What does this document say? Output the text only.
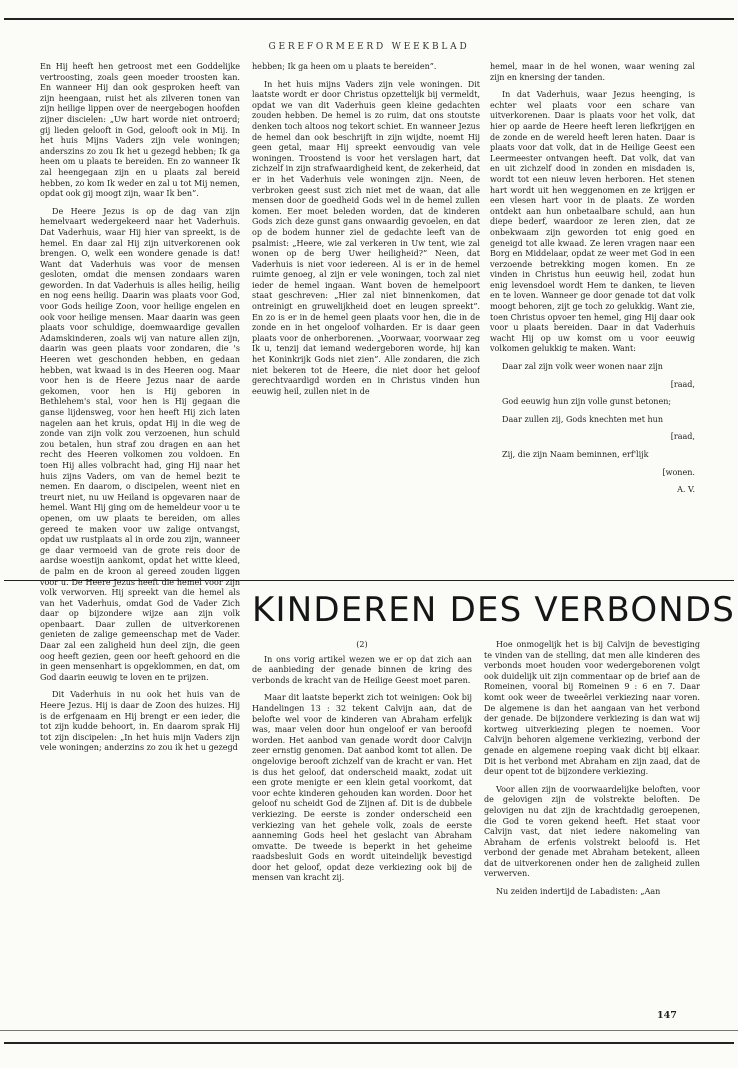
GEREFORMEERD WEEKBLAD

En Hij heeft hen getroost met een Goddelijke vertroosting, zoals geen moeder troosten kan. En wanneer Hij dan ook gesproken heeft van zijn heengaan, ruist het als zilveren tonen van zijn heilige lippen over de neergebogen hoofden zijner discielen: „Uw hart worde niet ontroerd; gij lieden gelooft in God, gelooft ook in Mij. In het huis Mijns Vaders zijn vele woningen; anderszins zo zou Ik het u gezegd hebben; Ik ga heen om u plaats te bereiden. En zo wanneer Ik zal heengegaan zijn en u plaats zal bereid hebben, zo kom Ik weder en zal u tot Mij nemen, opdat ook gij moogt zijn, waar Ik ben”.

De Heere Jezus is op de dag van zijn hemelvaart wedergekeerd naar het Vaderhuis. Dat Vaderhuis, waar Hij hier van spreekt, is de hemel. En daar zal Hij zijn uitverkorenen ook brengen. O, welk een wondere genade is dat! Want dat Vaderhuis was voor de mensen gesloten, omdat die mensen zondaars waren geworden. In dat Vaderhuis is alles heilig, heilig en nog eens heilig. Daarin was plaats voor God, voor Gods heilige Zoon, voor heilige engelen en ook voor heilige mensen. Maar daarin was geen plaats voor schuldige, doemwaardige gevallen Adamskinderen, zoals wij van nature allen zijn, daarin was geen plaats voor zondaren, die 's Heeren wet geschonden hebben, en gedaan hebben, wat kwaad is in des Heeren oog. Maar voor hen is de Heere Jezus naar de aarde gekomen, voor hen is Hij geboren in Bethlehem's stal, voor hen is Hij gegaan die ganse lijdensweg, voor hen heeft Hij zich laten nagelen aan het kruis, opdat Hij in die weg de zonde van zijn volk zou verzoenen, hun schuld zou betalen, hun straf zou dragen en aan het recht des Heeren volkomen zou voldoen. En toen Hij alles volbracht had, ging Hij naar het huis zijns Vaders, om van de hemel bezit te nemen. En daarom, o discipelen, weent niet en treurt niet, nu uw Heiland is opgevaren naar de hemel. Want Hij ging om de hemeldeur voor u te openen, om uw plaats te bereiden, om alles gereed te maken voor uw zalige ontvangst, opdat uw rustplaats al in orde zou zijn, wanneer ge daar vermoeid van de grote reis door de aardse woestijn aankomt, opdat het witte kleed, de palm en de kroon al gereed zouden liggen voor u. De Heere Jezus heeft die hemel voor zijn volk verworven. Hij spreekt van die hemel als van het Vaderhuis, omdat God de Vader Zich daar op bijzondere wijze aan zijn volk openbaart. Daar zullen de uitverkorenen genieten de zalige gemeenschap met de Vader. Daar zal een zaligheid hun deel zijn, die geen oog heeft gezien, geen oor heeft gehoord en die in geen mensenhart is opgeklommen, en dat, om God daarin eeuwig te loven en te prijzen.

Dit Vaderhuis in nu ook het huis van de Heere Jezus. Hij is daar de Zoon des huizes. Hij is de erfgenaam en Hij brengt er een ieder, die tot zijn kudde behoort, in. En daarom sprak Hij tot zijn discipelen: „In het huis mijn Vaders zijn vele woningen; anderzins zo zou ik het u gezegd

hebben; Ik ga heen om u plaats te bereiden”.

In het huis mijns Vaders zijn vele woningen. Dit laatste wordt er door Christus opzettelijk bij vermeldt, opdat we van dit Vaderhuis geen kleine gedachten zouden hebben. De hemel is zo ruim, dat ons stoutste denken toch altoos nog tekort schiet. En wanneer Jezus de hemel dan ook beschrijft in zijn wijdte, noemt Hij geen getal, maar Hij spreekt eenvoudig van vele woningen. Troostend is voor het verslagen hart, dat zichzelf in zijn strafwaardigheid kent, de zekerheid, dat er in het Vaderhuis vele woningen zijn. Neen, de verbroken geest sust zich niet met de waan, dat alle mensen door de goedheid Gods wel in de hemel zullen komen. Eer moet beleden worden, dat de kinderen Gods zich deze gunst gans onwaardig gevoelen, en dat op de bodem hunner ziel de gedachte leeft van de psalmist: „Heere, wie zal verkeren in Uw tent, wie zal wonen op de berg Uwer heiligheid?” Neen, dat Vaderhuis is niet voor iedereen. Al is er in de hemel ruimte genoeg, al zijn er vele woningen, toch zal niet ieder de hemel ingaan. Want boven de hemelpoort staat geschreven: „Hier zal niet binnenkomen, dat ontreinigt en gruwelijkheid doet en leugen spreekt”. En zo is er in de hemel geen plaats voor hen, die in de zonde en in het ongeloof volharden. Er is daar geen plaats voor de onherborenen. „Voorwaar, voorwaar zeg Ik u, tenzij dat iemand wedergeboren worde, hij kan het Koninkrijk Gods niet zien”. Alle zondaren, die zich niet bekeren tot de Heere, die niet door het geloof gerechtvaardigd worden en in Christus vinden hun eeuwig heil, zullen niet in de

hemel, maar in de hel wonen, waar wening zal zijn en knersing der tanden.

In dat Vaderhuis, waar Jezus heenging, is echter wel plaats voor een schare van uitverkorenen. Daar is plaats voor het volk, dat hier op aarde de Heere heeft leren liefkrijgen en de zonde en de wereld heeft leren haten. Daar is plaats voor dat volk, dat in de Heilige Geest een Leermeester ontvangen heeft. Dat volk, dat van en uit zichzelf dood in zonden en misdaden is, wordt tot een nieuw leven herboren. Het stenen hart wordt uit hen weggenomen en ze krijgen er een vlesen hart voor in de plaats. Ze worden ontdekt aan hun onbetaalbare schuld, aan hun diepe bederf, waardoor ze leren zien, dat ze onbekwaam zijn geworden tot enig goed en geneigd tot alle kwaad. Ze leren vragen naar een Borg en Middelaar, opdat ze weer met God in een verzoende betrekking mogen komen. En ze vinden in Christus hun eeuwig heil, zodat hun enig levensdoel wordt Hem te danken, te lieven en te loven. Wanneer ge door genade tot dat volk moogt behoren, zijt ge toch zo gelukkig. Want zie, toen Christus opvoer ten hemel, ging Hij daar ook voor u plaats bereiden. Daar in dat Vaderhuis wacht Hij op uw komst om u voor eeuwig volkomen gelukkig te maken. Want:

Daar zal zijn volk weer wonen naar zijn

[raad,

God eeuwig hun zijn volle gunst betonen;

Daar zullen zij, Gods knechten met hun

[raad,

Zij, die zijn Naam beminnen, erf'lijk

[wonen.

A. V.

KINDEREN DES VERBONDS

(2)

In ons vorig artikel wezen we er op dat zich aan de aanbieding der genade binnen de kring des verbonds de kracht van de Heilige Geest moet paren.

Maar dit laatste beperkt zich tot weinigen: Ook bij Handelingen 13 : 32 tekent Calvijn aan, dat de belofte wel voor de kinderen van Abraham erfelijk was, maar velen door hun ongeloof er van beroofd worden. Het aanbod van genade wordt door Calvijn zeer ernstig genomen. Dat aanbod komt tot allen. De ongelovige berooft zichzelf van de kracht er van. Het is dus het geloof, dat onderscheid maakt, zodat uit een grote menigte er een klein getal voorkomt, dat voor echte kinderen gehouden kan worden. Door het geloof nu scheidt God de Zijnen af. Dit is de dubbele verkiezing. De eerste is zonder onderscheid een verkiezing van het gehele volk, zoals de eerste aanneming Gods heel het geslacht van Abraham omvatte. De tweede is beperkt in het geheime raadsbesluit Gods en wordt uiteindelijk bevestigd door het geloof, opdat deze verkiezing ook bij de mensen van kracht zij.

Hoe onmogelijk het is bij Calvijn de bevestiging te vinden van de stelling, dat men alle kinderen des verbonds moet houden voor wedergeborenen volgt ook duidelijk uit zijn commentaar op de brief aan de Romeinen, vooral bij Romeinen 9 : 6 en 7. Daar komt ook weer de tweeërlei verkiezing naar voren. De algemene is dan het aangaan van het verbond der genade. De bijzondere verkiezing is dan wat wij kortweg uitverkiezing plegen te noemen. Voor Calvijn behoren algemene verkiezing, verbond der genade en algemene roeping vaak dicht bij elkaar. Dit is het verbond met Abraham en zijn zaad, dat de deur opent tot de bijzondere verkiezing.

Voor allen zijn de voorwaardelijke beloften, voor de gelovigen zijn de volstrekte beloften. De gelovigen nu dat zijn de krachtdadig geroepenen, die God te voren gekend heeft. Het staat voor Calvijn vast, dat niet iedere nakomeling van Abraham de erfenis volstrekt beloofd is. Het verbond der genade met Abraham betekent, alleen dat de uitverkorenen onder hen de zaligheid zullen verwerven.

Nu zeiden indertijd de Labadisten: „Aan

147
